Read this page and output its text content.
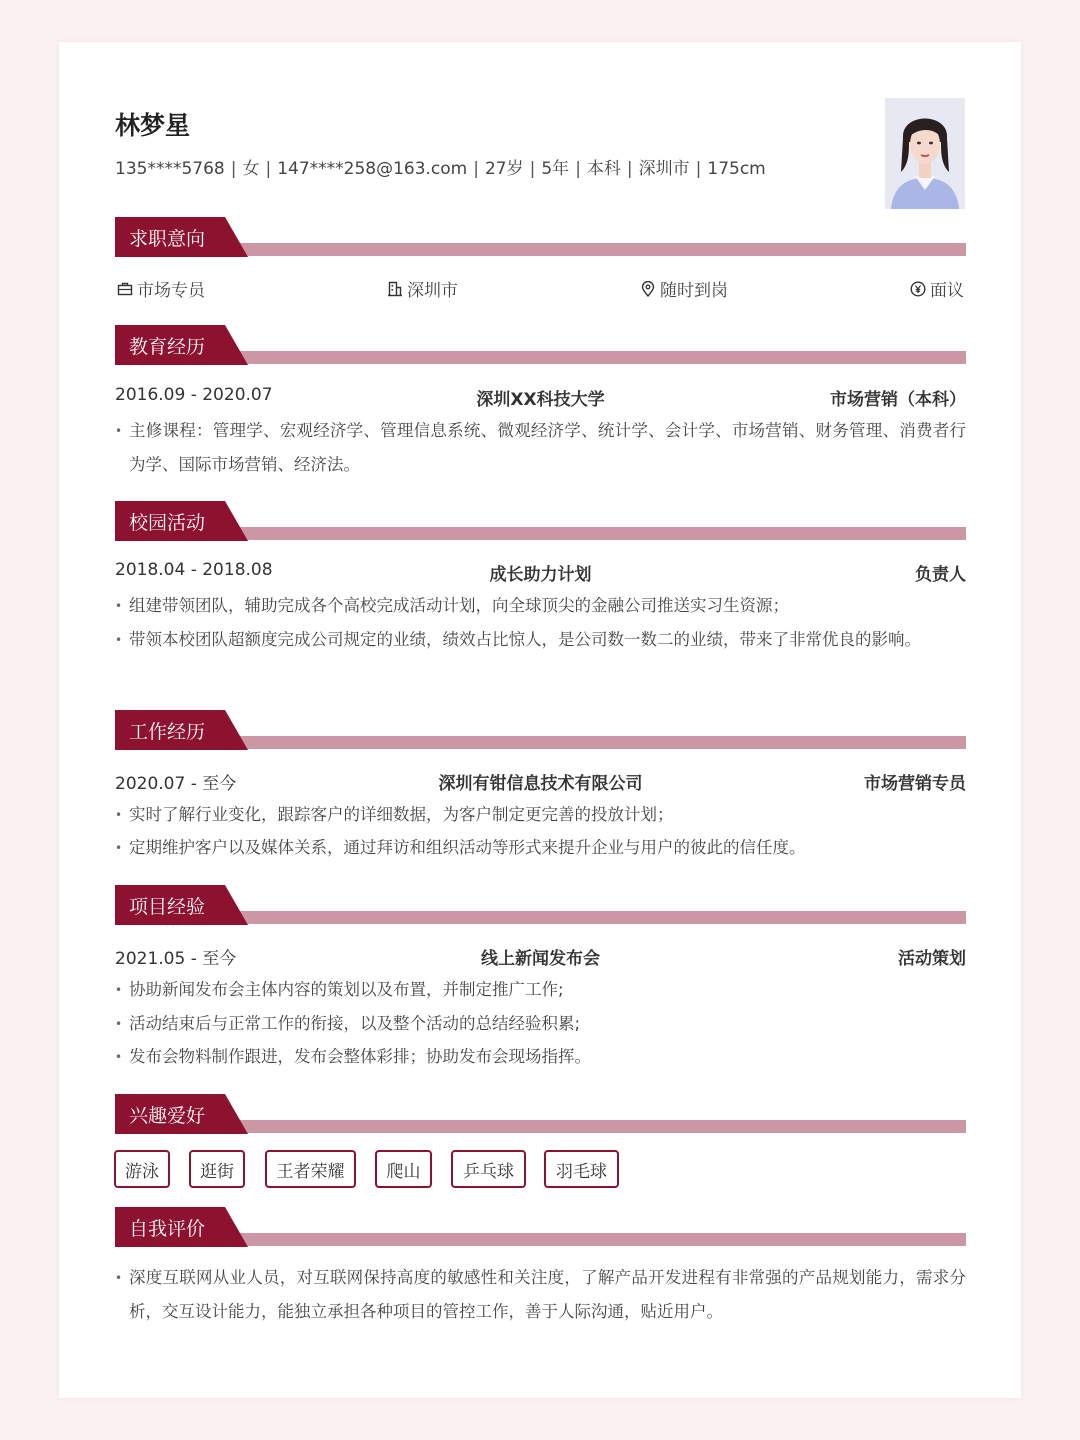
林梦星
135****5768 | 女 | 147****258@163.com | 27岁 | 5年 | 本科 | 深圳市 | 175cm
求职意向
市场专员	深圳市	随时到岗	面议
教育经历
2016.09 - 2020.07	深圳XX科技大学	市场营销（本科）
• 主修课程：管理学、宏观经济学、管理信息系统、微观经济学、统计学、会计学、市场营销、财务管理、消费者行为学、国际市场营销、经济法。
校园活动
2018.04 - 2018.08	成长助力计划	负责人
• 组建带领团队，辅助完成各个高校完成活动计划，向全球顶尖的金融公司推送实习生资源；
• 带领本校团队超额度完成公司规定的业绩，绩效占比惊人，是公司数一数二的业绩，带来了非常优良的影响。
工作经历
2020.07 - 至今	深圳有钳信息技术有限公司	市场营销专员
• 实时了解行业变化，跟踪客户的详细数据，为客户制定更完善的投放计划；
• 定期维护客户以及媒体关系，通过拜访和组织活动等形式来提升企业与用户的彼此的信任度。
项目经验
2021.05 - 至今	线上新闻发布会	活动策划
• 协助新闻发布会主体内容的策划以及布置，并制定推广工作;
• 活动结束后与正常工作的衔接，以及整个活动的总结经验积累;
• 发布会物料制作跟进，发布会整体彩排；协助发布会现场指挥。
兴趣爱好
游泳	逛街	王者荣耀	爬山	乒乓球	羽毛球
自我评价
• 深度互联网从业人员，对互联网保持高度的敏感性和关注度，了解产品开发进程有非常强的产品规划能力，需求分析，交互设计能力，能独立承担各种项目的管控工作，善于人际沟通，贴近用户。
